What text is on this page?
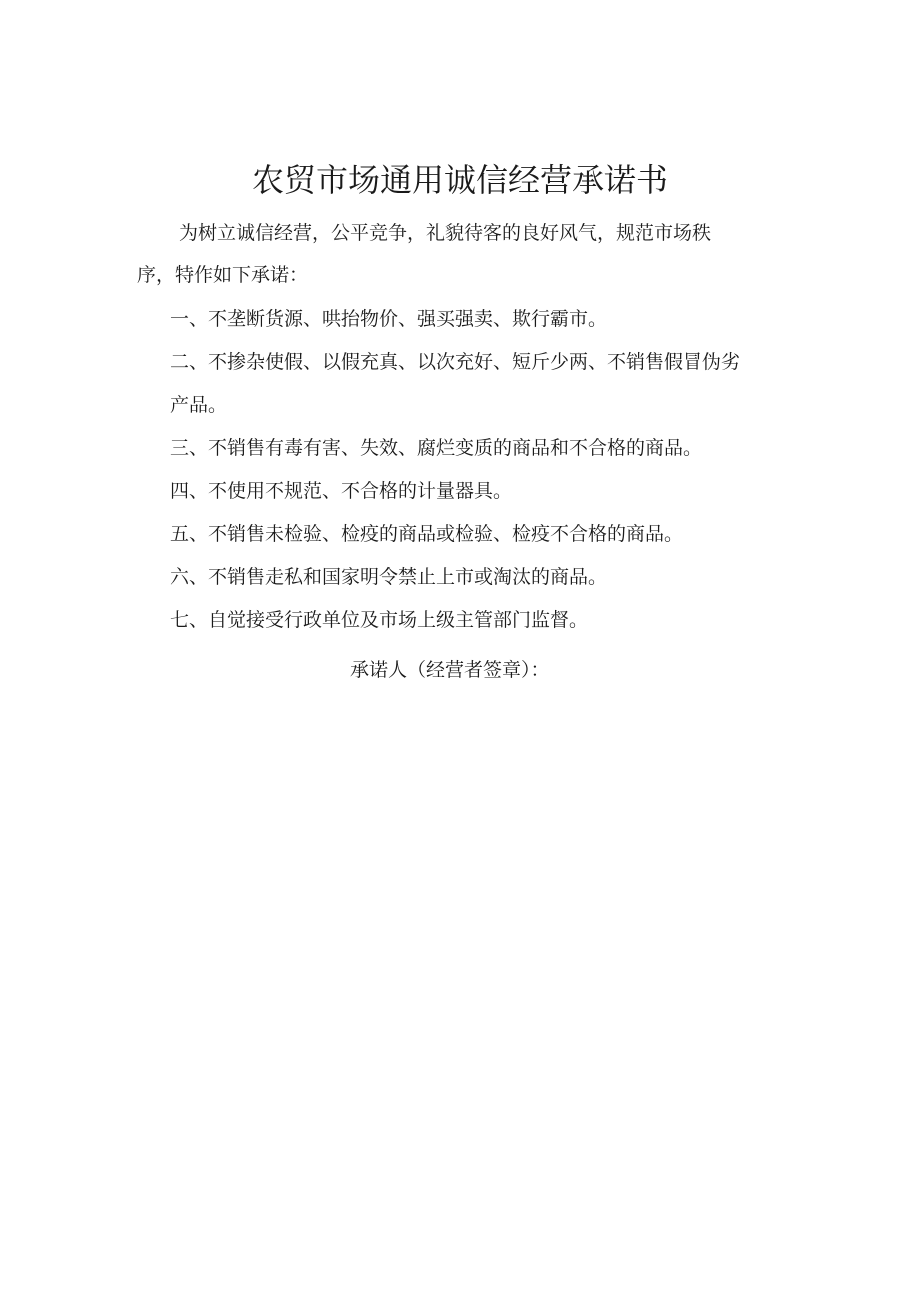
农贸市场通用诚信经营承诺书

为树立诚信经营，公平竞争，礼貌待客的良好风气，规范市场秩序，特作如下承诺：

一、不垄断货源、哄抬物价、强买强卖、欺行霸市。
二、不掺杂使假、以假充真、以次充好、短斤少两、不销售假冒伪劣产品。
三、不销售有毒有害、失效、腐烂变质的商品和不合格的商品。
四、不使用不规范、不合格的计量器具。
五、不销售未检验、检疫的商品或检验、检疫不合格的商品。
六、不销售走私和国家明令禁止上市或淘汰的商品。
七、自觉接受行政单位及市场上级主管部门监督。

承诺人（经营者签章）：
